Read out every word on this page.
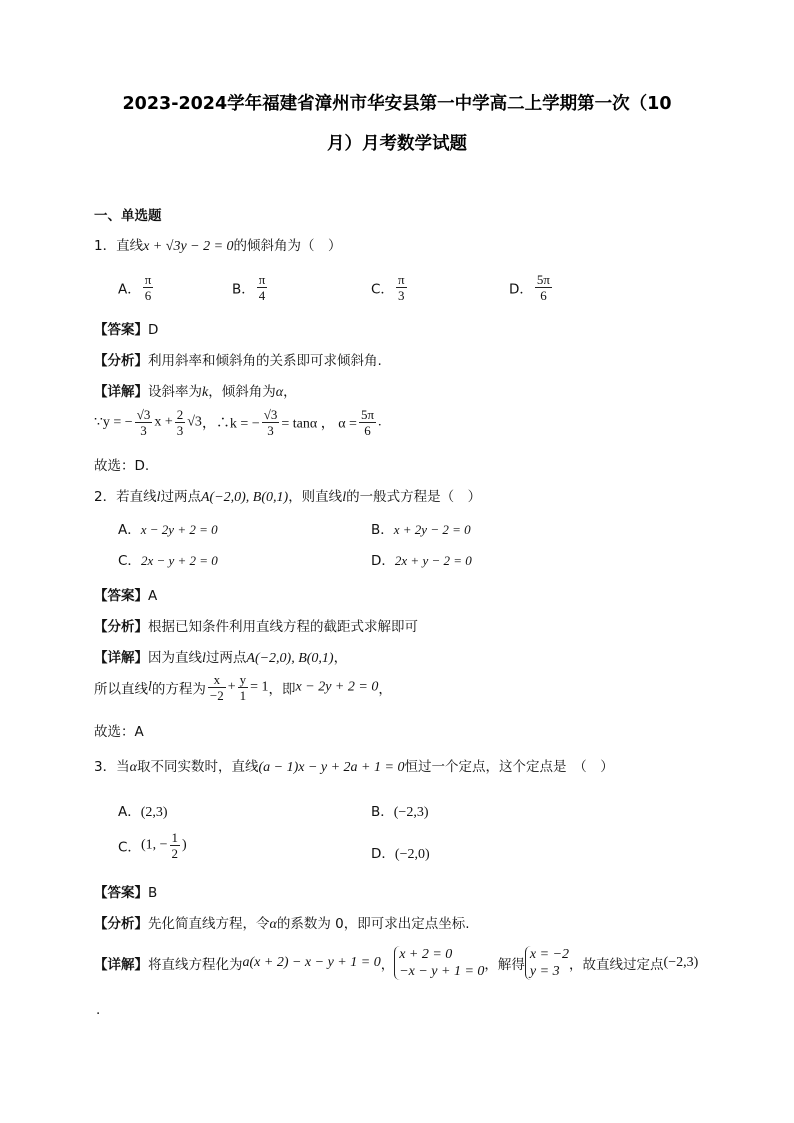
2023-2024学年福建省漳州市华安县第一中学高二上学期第一次（10
月）月考数学试题
一、单选题
1．直线x + √3y − 2 = 0的倾斜角为（　）
A． $\frac{\pi}{6}$	B． $\frac{\pi}{4}$	C． $\frac{\pi}{3}$	D． $\frac{5\pi}{6}$
【答案】D
【分析】利用斜率和倾斜角的关系即可求倾斜角.
【详解】设斜率为k，倾斜角为α，
∵y = − $\frac{√3}{3}$ $x + \frac{2}{3} √3$，∴k = − $\frac{√3}{3} = \tan\alpha$ ， $\alpha = \frac{5\pi}{6}$ .
故选：D.
2．若直线l过两点A(−2,0), B(0,1)，则直线l的一般式方程是（　）
A．x − 2y + 2 = 0	B．x + 2y − 2 = 0
C．2x − y + 2 = 0	D．2x + y − 2 = 0
【答案】A
【分析】根据已知条件利用直线方程的截距式求解即可
【详解】因为直线l过两点A(−2,0), B(0,1)，
所以直线l的方程为 $\frac{x}{-2} + \frac{y}{1} = 1$，即x − 2y + 2 = 0，
故选：A
3．当α取不同实数时，直线(a − 1)x − y + 2a + 1 = 0恒过一个定点，这个定点是　（　）
A．(2,3)	B．(−2,3)
C．(1, − $\frac{1}{2}$ )
D．(−2,0)
【答案】B
【分析】先化简直线方程，令α的系数为 0，即可求出定点坐标.
【详解】将直线方程化为a(x + 2) − x − y + 1 = 0，
x + 2 = 0
−x − y + 1 = 0 ，解得
x = −2
y = 3 ，故直线过定点(−2,3)
.
